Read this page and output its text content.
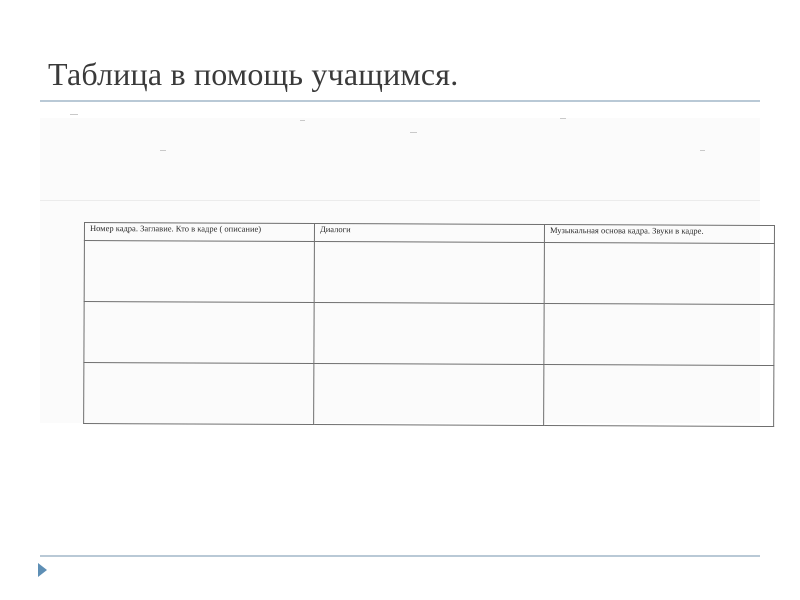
Таблица в помощь учащимся.
Номер кадра. Заглавие. Кто в кадре ( описание)	Диалоги	Музыкальная основа кадра. Звуки в кадре.
